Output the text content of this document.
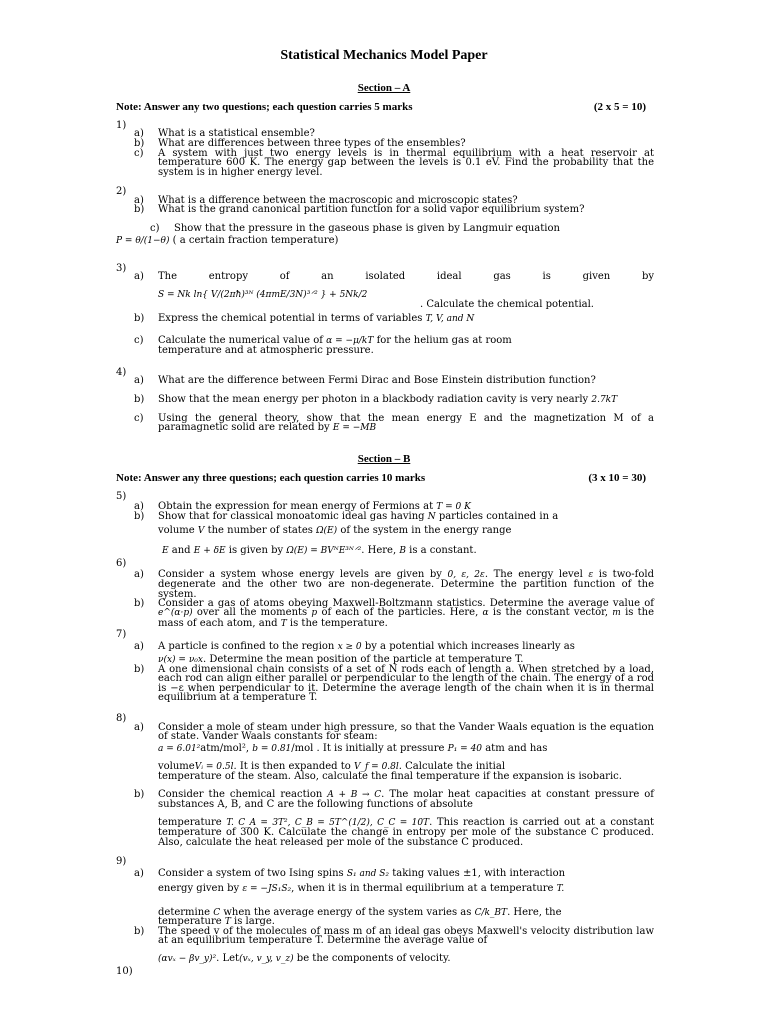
Statistical Mechanics Model Paper
Section – A
Note: Answer any two questions; each question carries 5 marks	(2 x 5 = 10)
1)
a)	What is a statistical ensemble?
b)	What are differences between three types of the ensembles?
c)	A system with just two energy levels is in thermal equilibrium with a heat reservoir at temperature 600 K. The energy gap between the levels is 0.1 eV. Find the probability that the system is in higher energy level.
2)
a)	What is a difference between the macroscopic and microscopic states?
b)	What is the grand canonical partition function for a solid vapor equilibrium system?
c)	Show that the pressure in the gaseous phase is given by Langmuir equation
P = θ/(1−θ) ( a certain fraction temperature)
3)
a)	The entropy of an isolated ideal gas is given by
S = Nk ln{ V/(2πħ)³ᴺ (4πmE/3N)³ᐟ² } + 5Nk/2
. Calculate the chemical potential.
b)	Express the chemical potential in terms of variables T, V, and N
c)	Calculate the numerical value of α = −μ/kT for the helium gas at room
temperature and at atmospheric pressure.
4)
a)	What are the difference between Fermi Dirac and Bose Einstein distribution function?
b)	Show that the mean energy per photon in a blackbody radiation cavity is very nearly 2.7kT
c)	Using the general theory, show that the mean energy E and the magnetization M of a paramagnetic solid are related by E = −MB
Section – B
Note: Answer any three questions; each question carries 10 marks	(3 x 10 = 30)
5)
a)	Obtain the expression for mean energy of Fermions at T = 0 K
b)	Show that for classical monoatomic ideal gas having N particles contained in a
volume V the number of states Ω(E) of the system in the energy range
E and E + δE is given by Ω(E) = BVᴺE³ᴺᐟ². Here, B is a constant.
6)
a)	Consider a system whose energy levels are given by 0, ε, 2ε. The energy level ε is two-fold degenerate and the other two are non-degenerate. Determine the partition function of the system.
b)	Consider a gas of atoms obeying Maxwell-Boltzmann statistics. Determine the average value of e^(α·p) over all the moments p of each of the particles. Here, α is the constant vector, m is the mass of each atom, and T is the temperature.
7)
a)	A particle is confined to the region x ≥ 0 by a potential which increases linearly as
ν(x) = ν₀x. Determine the mean position of the particle at temperature T.
b)	A one dimensional chain consists of a set of N rods each of length a. When stretched by a load, each rod can align either parallel or perpendicular to the length of the chain. The energy of a rod is −ε when perpendicular to it. Determine the average length of the chain when it is in thermal equilibrium at a temperature T.
8)
a)	Consider a mole of steam under high pressure, so that the Vander Waals equation is the equation of state. Vander Waals constants for steam:
a = 6.01²atm/mol², b = 0.81/mol . It is initially at pressure P₁ = 40 atm and has
volumeVᵢ = 0.5l. It is then expanded to V_f = 0.8l. Calculate the initial
temperature of the steam. Also, calculate the final temperature if the expansion is isobaric.
b)	Consider the chemical reaction A + B → C. The molar heat capacities at constant pressure of substances A, B, and C are the following functions of absolute
temperature T. C_A = 3T², C_B = 5T^(1/2), C_C = 10T. This reaction is carried out at a constant temperature of 300 K. Calculate the change in entropy per mole of the substance C produced. Also, calculate the heat released per mole of the substance C produced.
9)
a)	Consider a system of two Ising spins S₁ and S₂ taking values ±1, with interaction
energy given by ε = −JS₁S₂, when it is in thermal equilibrium at a temperature T.
determine C when the average energy of the system varies as C/k_BT. Here, the
temperature T is large.
b)	The speed v of the molecules of mass m of an ideal gas obeys Maxwell's velocity distribution law at an equilibrium temperature T. Determine the average value of
(αvₓ − βv_y)². Let(vₓ, v_y, v_z) be the components of velocity.
10)
